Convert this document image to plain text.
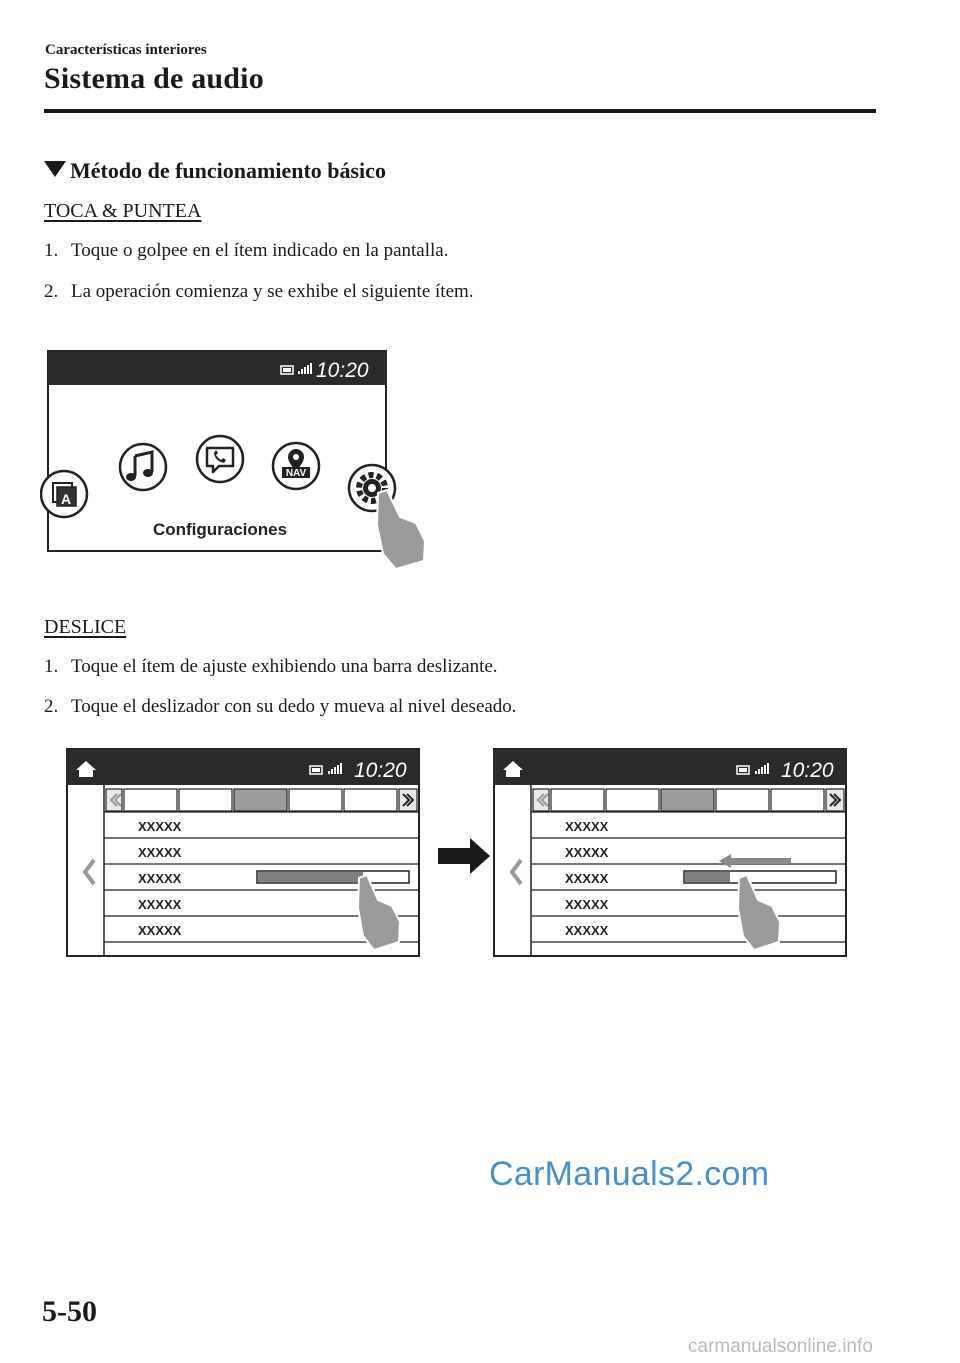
Características interiores
Sistema de audio
Método de funcionamiento básico
TOCA & PUNTEA
1. Toque o golpee en el ítem indicado en la pantalla.
2. La operación comienza y se exhibe el siguiente ítem.
10:20
A
NAV
Configuraciones
DESLICE
1. Toque el ítem de ajuste exhibiendo una barra deslizante.
2. Toque el deslizador con su dedo y mueva al nivel deseado.
10:20
XXXXX
XXXXX
XXXXX
XXXXX
XXXXX
10:20
XXXXX
XXXXX
XXXXX
XXXXX
XXXXX
CarManuals2.com
5-50
carmanualsonline.info
